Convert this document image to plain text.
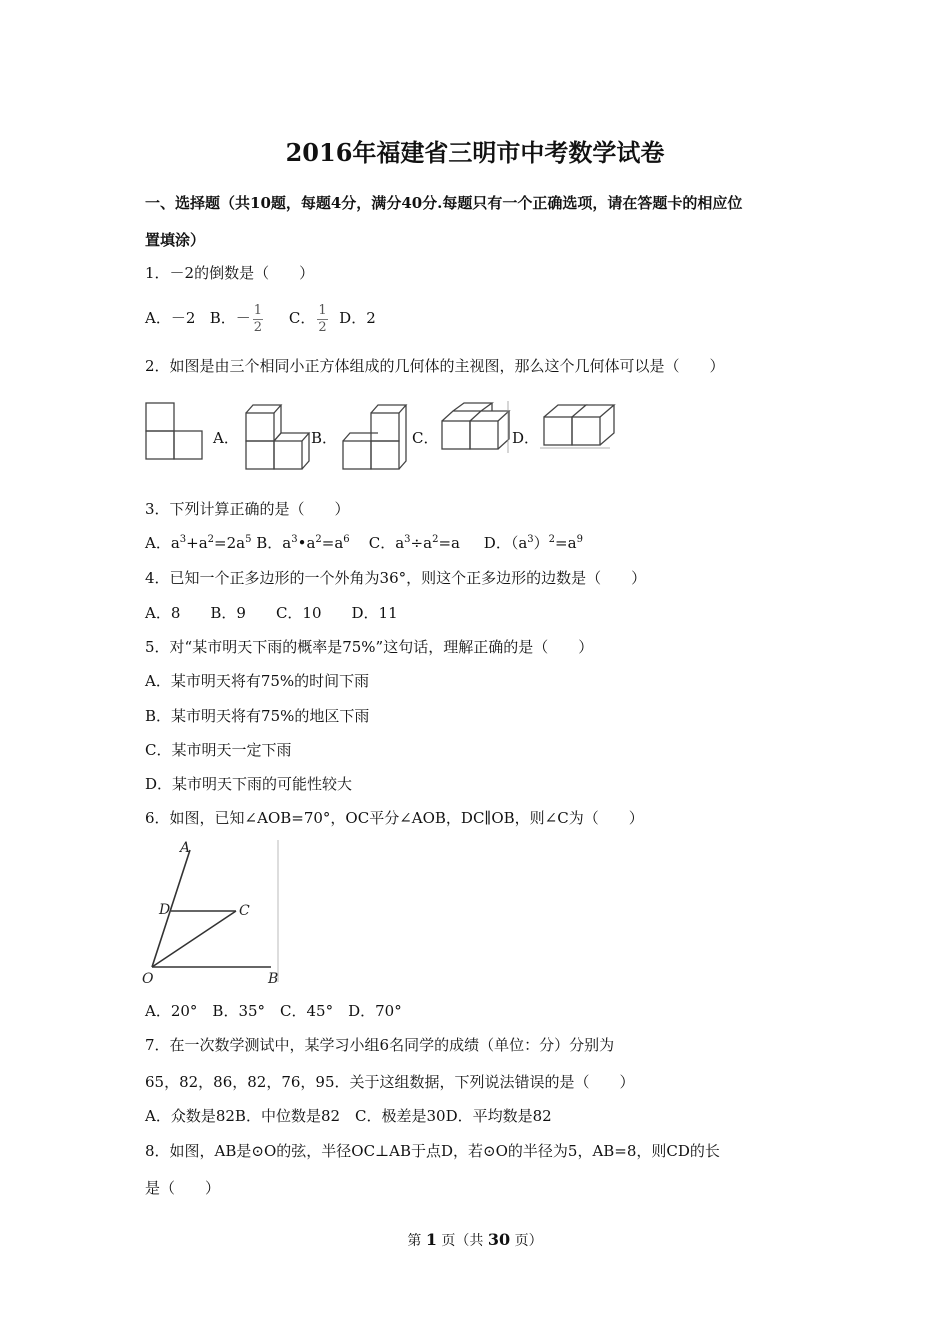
2016年福建省三明市中考数学试卷
一、选择题（共10题，每题4分，满分40分.每题只有一个正确选项，请在答题卡的相应位
置填涂）
1．－2的倒数是（　　）
A．－2 B．－ $\frac{1}{2}$ C． $\frac{1}{2}$ D．2
2．如图是由三个相同小正方体组成的几何体的主视图，那么这个几何体可以是（　　）
A．	B．	C．	D．
3．下列计算正确的是（　　）
A．$a^3+a^2=2a^5$ B．$a^3•a^2=a^6$ C．$a^3\div a^2=a$ D．$(a^3)^2=a^9$
4．已知一个正多边形的一个外角为36°，则这个正多边形的边数是（　　）
A．8　　B．9　　C．10　　D．11
5．对“某市明天下雨的概率是75%”这句话，理解正确的是（　　）
A．某市明天将有75%的时间下雨
B．某市明天将有75%的地区下雨
C．某市明天一定下雨
D．某市明天下雨的可能性较大
6．如图，已知∠AOB=70°，OC平分∠AOB，DC∥OB，则∠C为（　　）
A
D	C
O	B
A．20°　B．35°　C．45°　D．70°
7．在一次数学测试中，某学习小组6名同学的成绩（单位：分）分别为
65，82，86，82，76，95．关于这组数据，下列说法错误的是（　　）
A．众数是82B．中位数是82　C．极差是30D．平均数是82
8．如图，AB是⊙O的弦，半径OC⊥AB于点D，若⊙O的半径为5，AB=8，则CD的长
是（　　）
第 1 页（共 30 页）
